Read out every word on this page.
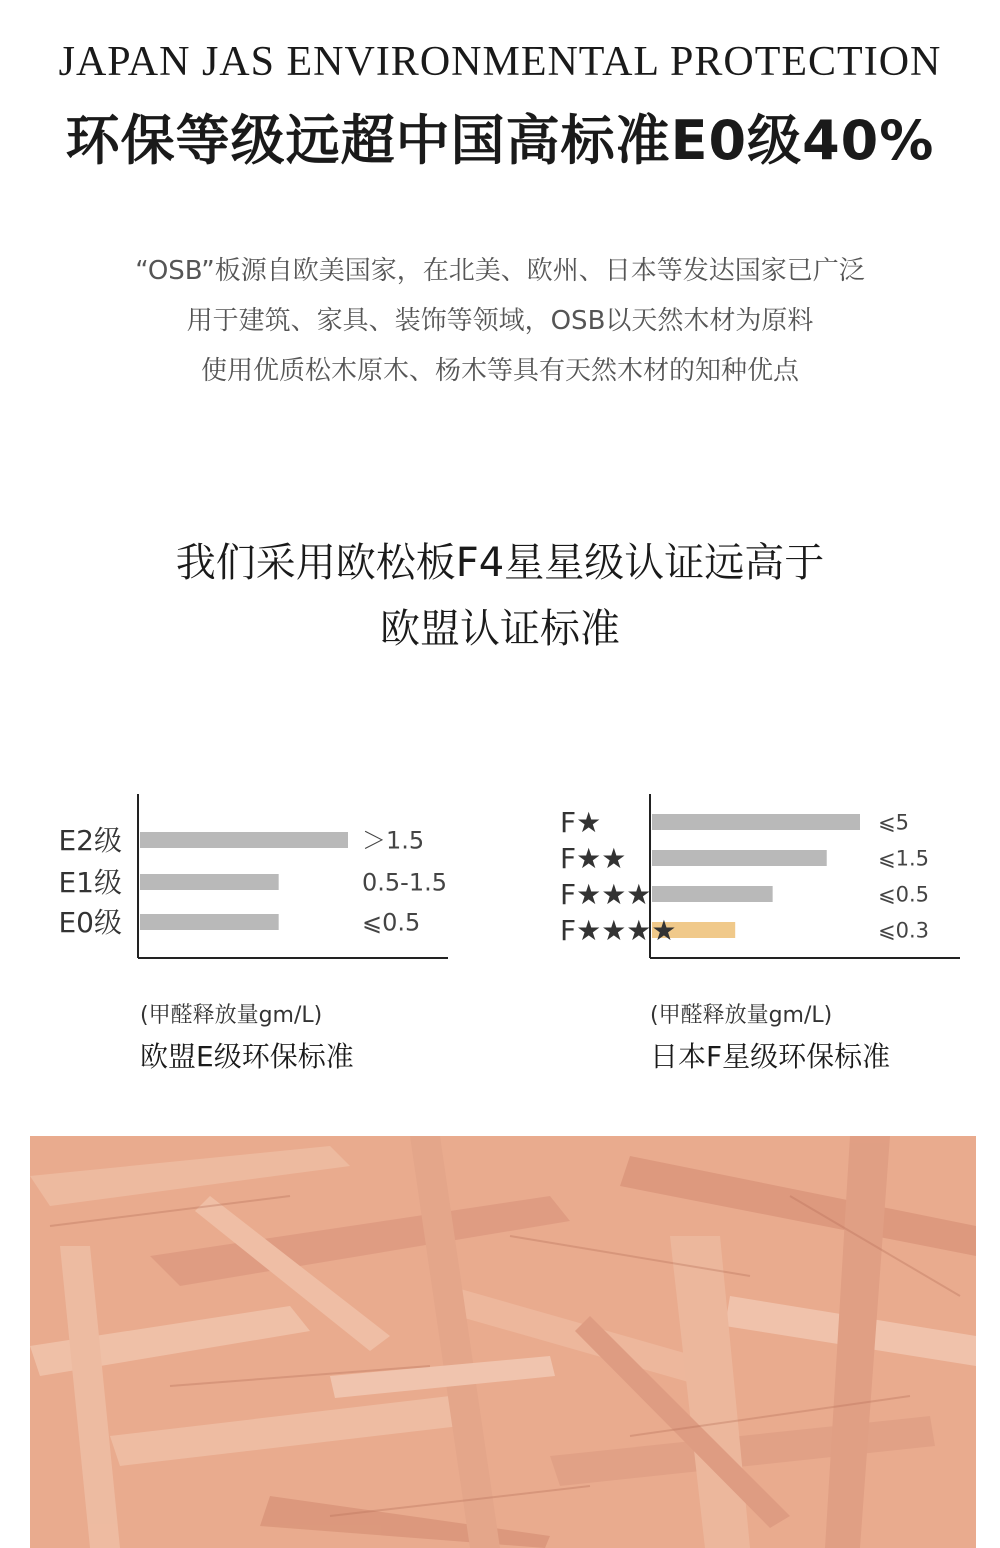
JAPAN JAS ENVIRONMENTAL PROTECTION
环保等级远超中国高标准E0级40%
“OSB”板源自欧美国家，在北美、欧州、日本等发达国家已广泛
用于建筑、家具、装饰等领域，OSB以天然木材为原料
使用优质松木原木、杨木等具有天然木材的知种优点
我们采用欧松板F4星星级认证远高于
欧盟认证标准
E2级	＞1.5
E1级	0.5-1.5
E0级	⩽0.5
F★	⩽5
F★★	⩽1.5
F★★★	⩽0.5
F★★★★	⩽0.3
(甲醛释放量gm/L)
欧盟E级环保标准
(甲醛释放量gm/L)
日本F星级环保标准
